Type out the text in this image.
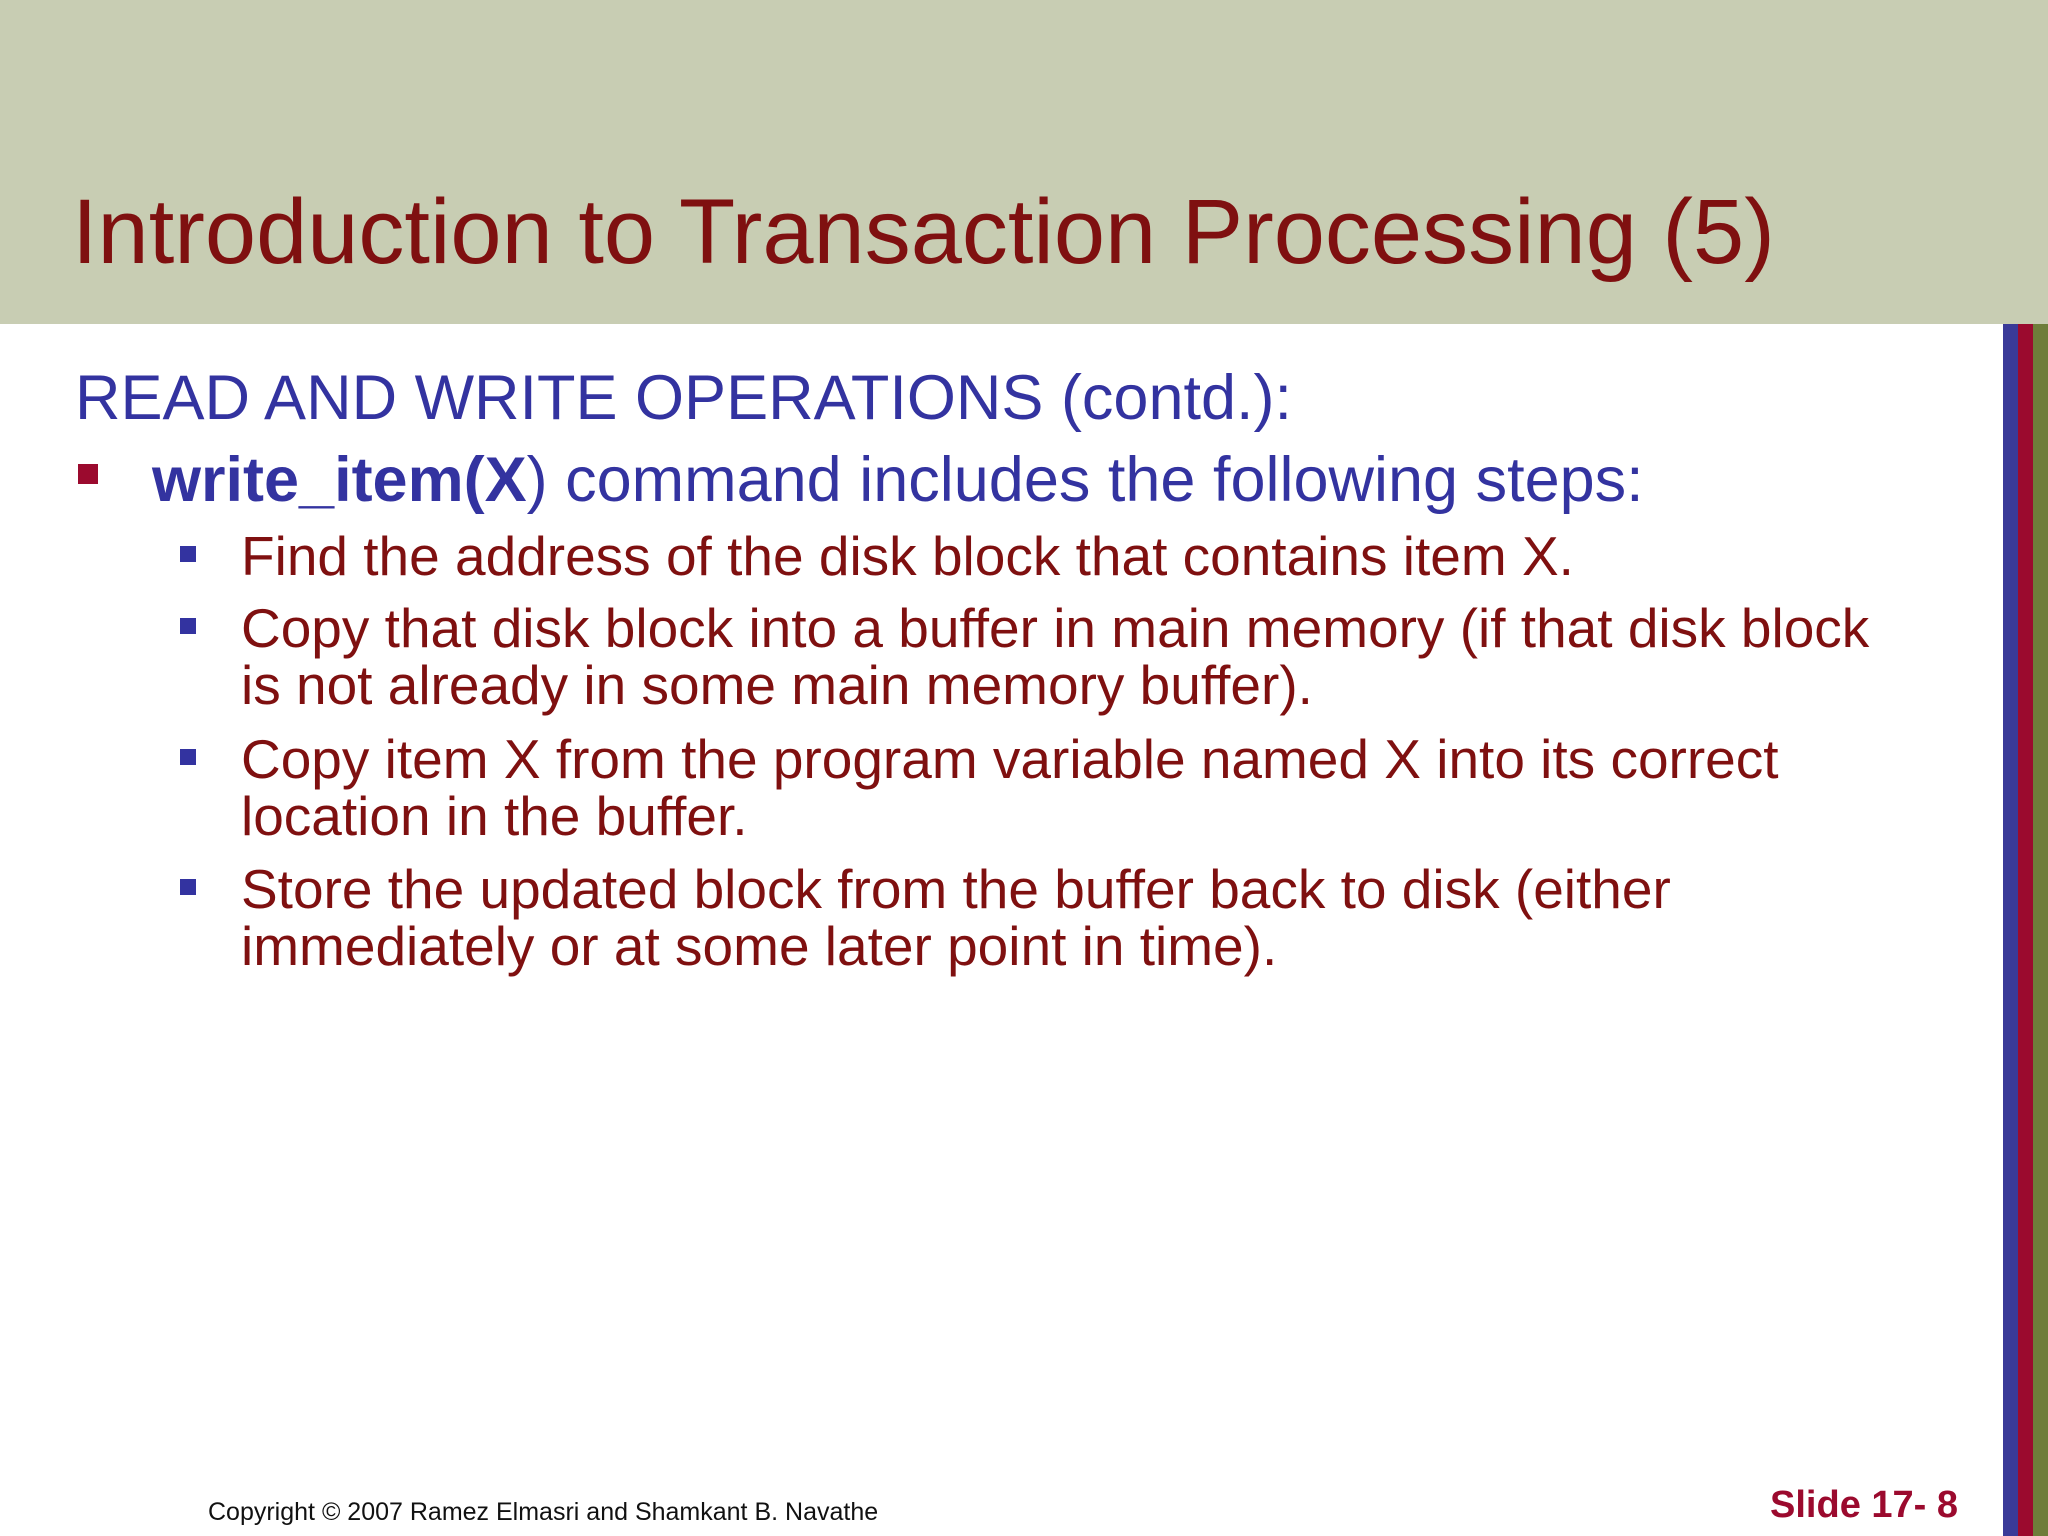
Introduction to Transaction Processing (5)

READ AND WRITE OPERATIONS (contd.):

write_item(X) command includes the following steps:
Find the address of the disk block that contains item X.
Copy that disk block into a buffer in main memory (if that disk block is not already in some main memory buffer).
Copy item X from the program variable named X into its correct location in the buffer.
Store the updated block from the buffer back to disk (either immediately or at some later point in time).
Copyright © 2007 Ramez Elmasri and Shamkant B. Navathe	Slide 17- 8
